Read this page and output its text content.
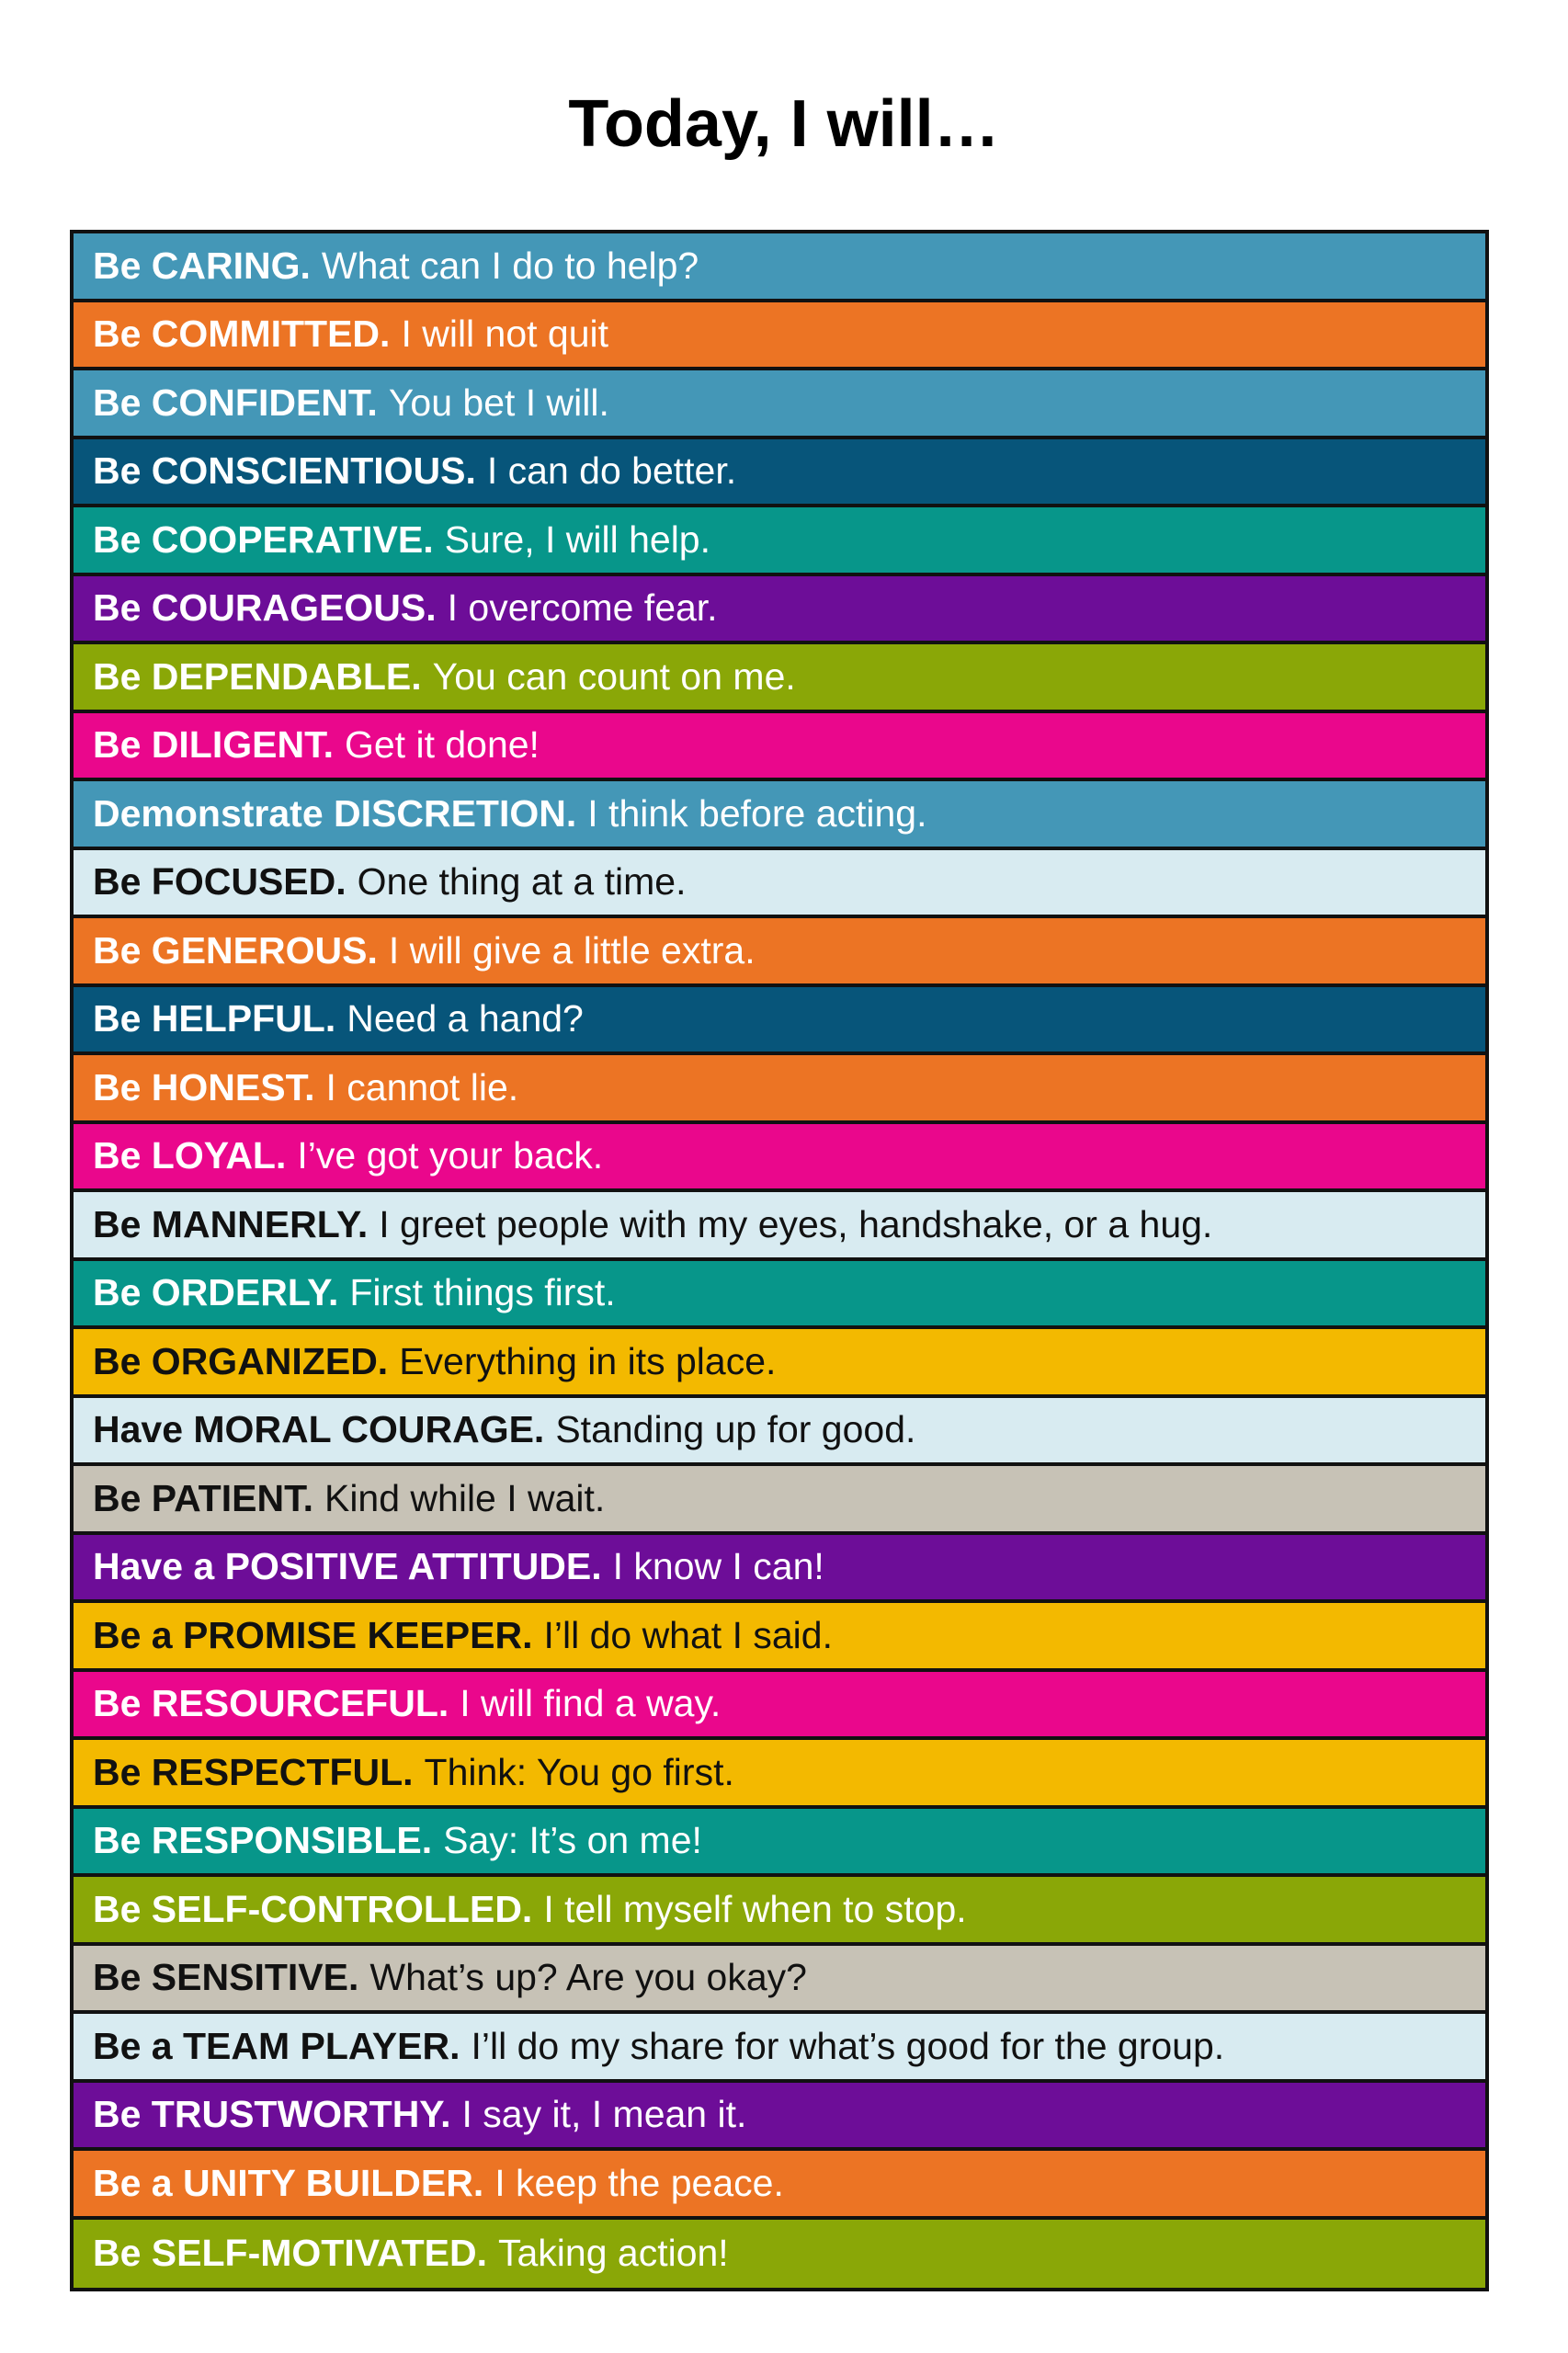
Today, I will…
Be CARING. What can I do to help?
Be COMMITTED. I will not quit
Be CONFIDENT. You bet I will.
Be CONSCIENTIOUS. I can do better.
Be COOPERATIVE. Sure, I will help.
Be COURAGEOUS. I overcome fear.
Be DEPENDABLE. You can count on me.
Be DILIGENT. Get it done!
Demonstrate DISCRETION. I think before acting.
Be FOCUSED. One thing at a time.
Be GENEROUS. I will give a little extra.
Be HELPFUL. Need a hand?
Be HONEST. I cannot lie.
Be LOYAL. I’ve got your back.
Be MANNERLY. I greet people with my eyes, handshake, or a hug.
Be ORDERLY. First things first.
Be ORGANIZED. Everything in its place.
Have MORAL COURAGE. Standing up for good.
Be PATIENT. Kind while I wait.
Have a POSITIVE ATTITUDE. I know I can!
Be a PROMISE KEEPER. I’ll do what I said.
Be RESOURCEFUL. I will find a way.
Be RESPECTFUL. Think: You go first.
Be RESPONSIBLE. Say: It’s on me!
Be SELF-CONTROLLED. I tell myself when to stop.
Be SENSITIVE. What’s up? Are you okay?
Be a TEAM PLAYER. I’ll do my share for what’s good for the group.
Be TRUSTWORTHY. I say it, I mean it.
Be a UNITY BUILDER. I keep the peace.
Be SELF-MOTIVATED. Taking action!
